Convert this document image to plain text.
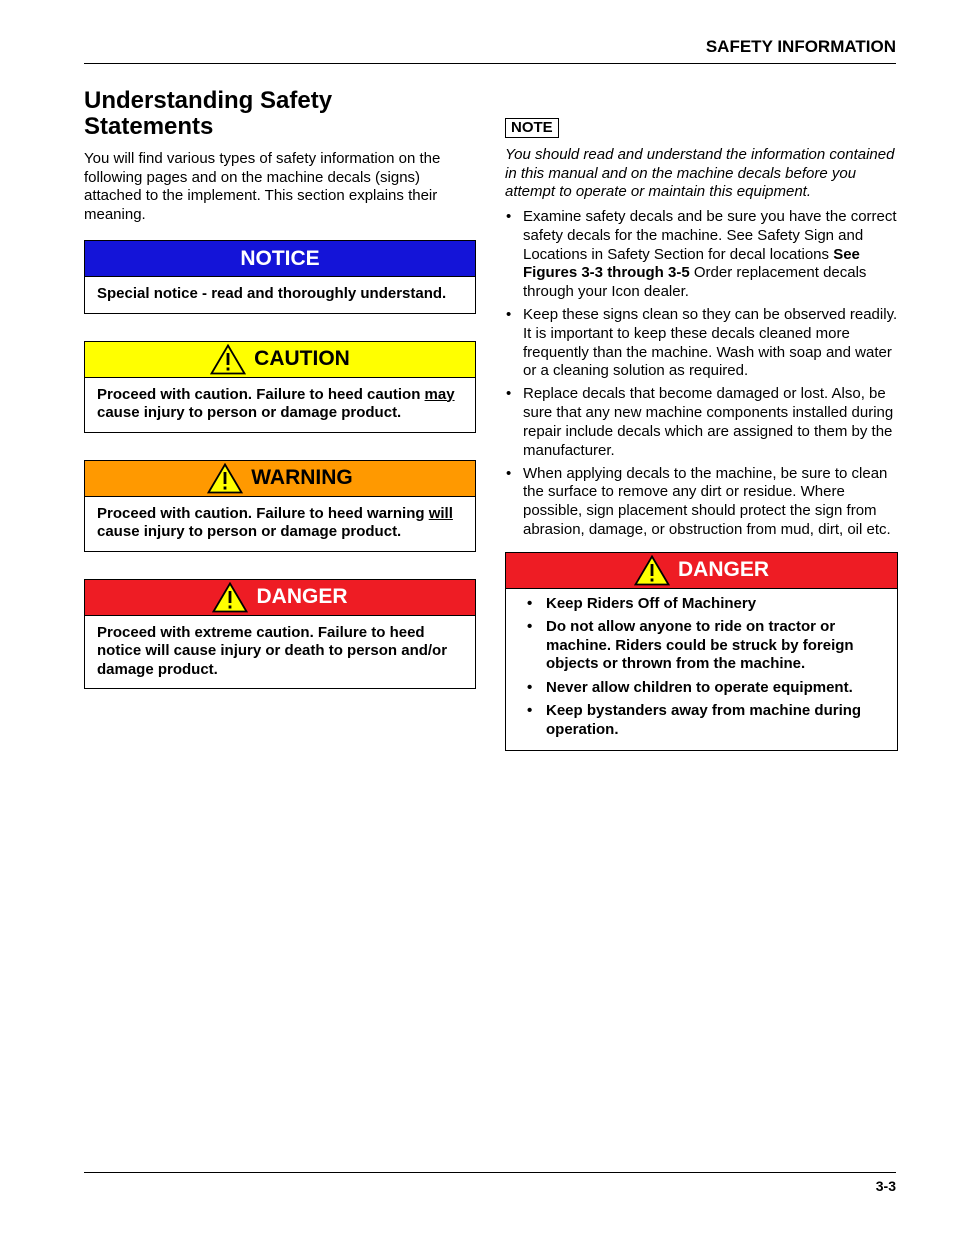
SAFETY INFORMATION
Understanding Safety Statements

You will find various types of safety information on the following pages and on the machine decals (signs) attached to the implement. This section explains their meaning.

NOTICE
Special notice - read and thoroughly understand.
CAUTION
Proceed with caution. Failure to heed caution may cause injury to person or damage product.
WARNING
Proceed with caution. Failure to heed warning will cause injury to person or damage product.
DANGER
Proceed with extreme caution. Failure to heed notice will cause injury or death to person and/or damage product.
NOTE

You should read and understand the information contained in this manual and on the machine decals before you attempt to operate or maintain this equipment.

• Examine safety decals and be sure you have the correct safety decals for the machine. See Safety Sign and Locations in Safety Section for decal locations See Figures 3-3 through 3-5 Order replacement decals through your Icon dealer.
• Keep these signs clean so they can be observed readily. It is important to keep these decals cleaned more frequently than the machine. Wash with soap and water or a cleaning solution as required.
• Replace decals that become damaged or lost. Also, be sure that any new machine components installed during repair include decals which are assigned to them by the manufacturer.
• When applying decals to the machine, be sure to clean the surface to remove any dirt or residue. Where possible, sign placement should protect the sign from abrasion, damage, or obstruction from mud, dirt, oil etc.
DANGER
• Keep Riders Off of Machinery
• Do not allow anyone to ride on tractor or machine. Riders could be struck by foreign objects or thrown from the machine.
• Never allow children to operate equipment.
• Keep bystanders away from machine during operation.
3-3
